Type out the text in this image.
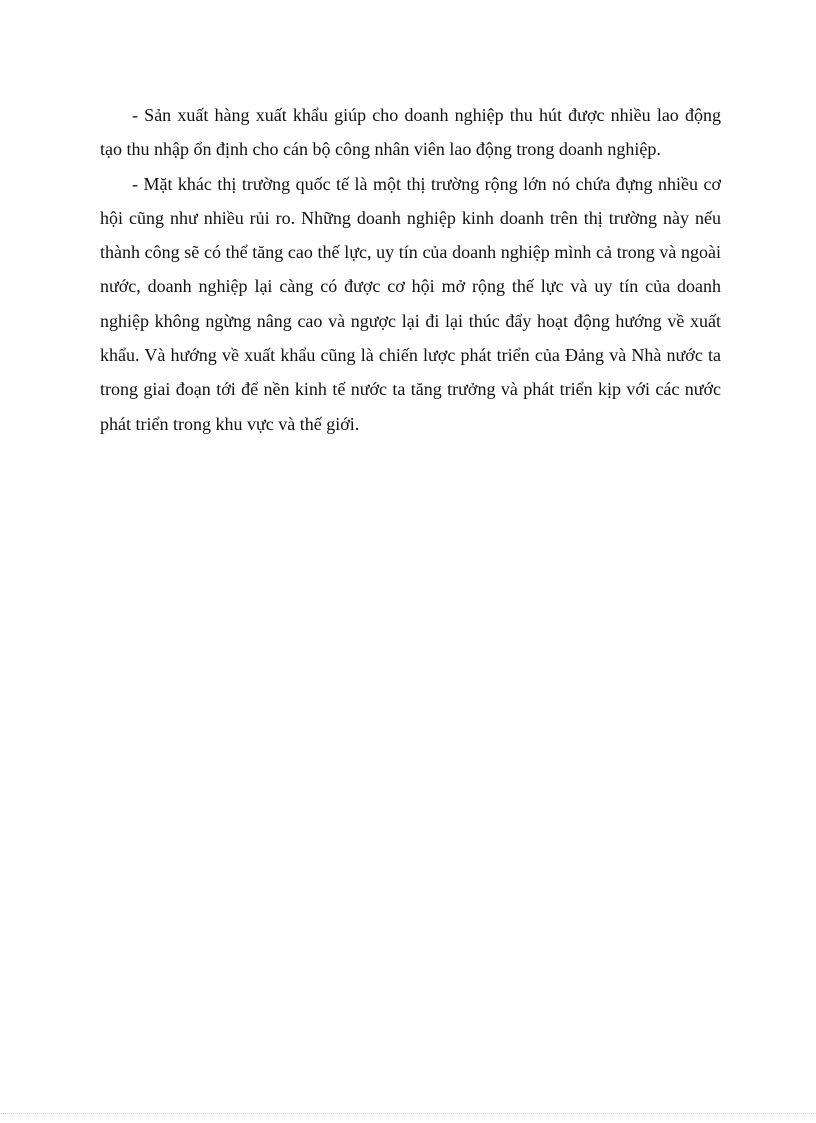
- Sản xuất hàng xuất khẩu giúp cho doanh nghiệp thu hút được nhiều lao động tạo thu nhập ổn định cho cán bộ công nhân viên lao động trong doanh nghiệp.

- Mặt khác thị trường quốc tế là một thị trường rộng lớn nó chứa đựng nhiều cơ hội cũng như nhiều rủi ro. Những doanh nghiệp kinh doanh trên thị trường này nếu thành công sẽ có thể tăng cao thế lực, uy tín của doanh nghiệp mình cả trong và ngoài nước, doanh nghiệp lại càng có được cơ hội mở rộng thế lực và uy tín của doanh nghiệp không ngừng nâng cao và ngược lại đi lại thúc đẩy hoạt động hướng về xuất khẩu. Và hướng về xuất khẩu cũng là chiến lược phát triển của Đảng và Nhà nước ta trong giai đoạn tới để nền kinh tế nước ta tăng trưởng và phát triển kịp với các nước phát triển trong khu vực và thế giới.
